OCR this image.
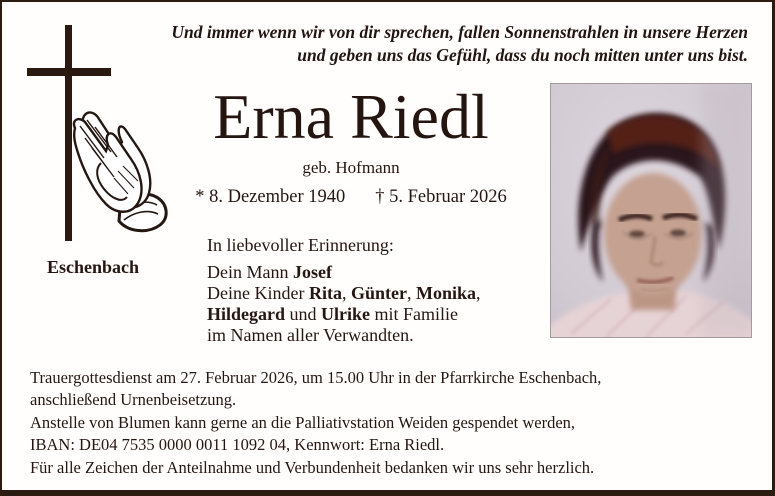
Und immer wenn wir von dir sprechen, fallen Sonnenstrahlen in unsere Herzen
und geben uns das Gefühl, dass du noch mitten unter uns bist.
Eschenbach
Erna Riedl
geb. Hofmann
* 8. Dezember 1940 † 5. Februar 2026
In liebevoller Erinnerung:
Dein Mann Josef
Deine Kinder Rita, Günter, Monika,
Hildegard und Ulrike mit Familie
im Namen aller Verwandten.
Trauergottesdienst am 27. Februar 2026, um 15.00 Uhr in der Pfarrkirche Eschenbach,
anschließend Urnenbeisetzung.
Anstelle von Blumen kann gerne an die Palliativstation Weiden gespendet werden,
IBAN: DE04 7535 0000 0011 1092 04, Kennwort: Erna Riedl.
Für alle Zeichen der Anteilnahme und Verbundenheit bedanken wir uns sehr herzlich.
